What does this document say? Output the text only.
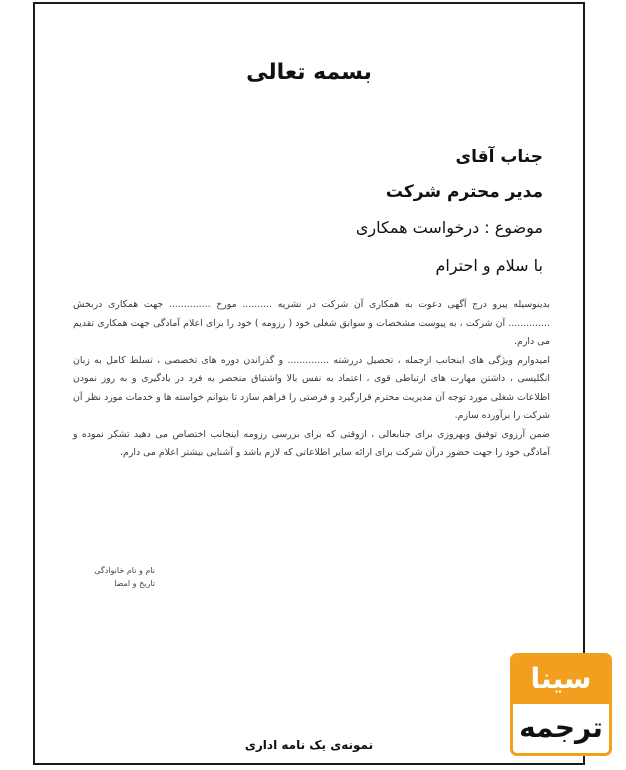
بسمه تعالی
جناب آقای
مدیر محترم شرکت
موضوع : درخواست همکاری
با سلام و احترام

بدینوسیله پیرو درج آگهی دعوت به همکاری آن شرکت در نشریه .......... مورخ .............. جهت همکاری دربخش .............. آن شرکت ، به پیوست مشخصات و سوابق شغلی خود ( رزومه ) خود را برای اعلام آمادگی جهت همکاری تقدیم می دارم.

امیدوارم ویژگی های اینجانب ازجمله ، تحصیل دررشته .............. و گذراندن دوره های تخصصی ، تسلط کامل به زبان انگلیسی ، داشتن مهارت های ارتباطی قوی ، اعتماد به نفس بالا واشتیاق منحصر به فرد در یادگیری و به روز نمودن اطلاعات شغلی مورد توجه آن مدیریت محترم قرارگیرد و فرصتی را فراهم سازد تا بتوانم خواسته ها و خدمات مورد نظر آن شرکت را برآورده سازم.

ضمن آرزوی توفیق وبهروزی برای جنابعالی ، ازوقتی که برای بررسی رزومه اینجانب اختصاص می دهید تشکر نموده و آمادگی خود را جهت حضور درآن شرکت برای ارائه سایر اطلاعاتی که لازم باشد و آشنایی بیشتر اعلام می دارم.

نام و نام خانوادگی
تاریخ و امضا
نمونه‌ی یک نامه اداری
سینا
ترجمه
